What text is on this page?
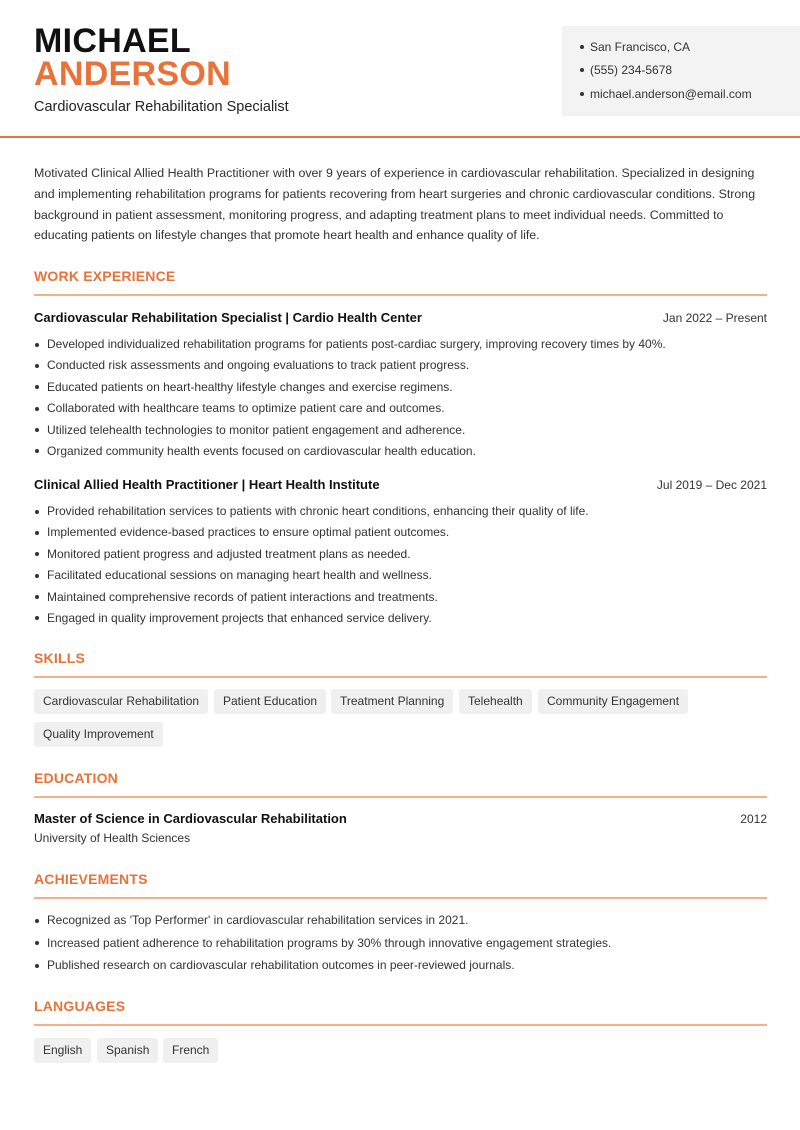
MICHAEL
ANDERSON
Cardiovascular Rehabilitation Specialist
San Francisco, CA
(555) 234-5678
michael.anderson@email.com
Motivated Clinical Allied Health Practitioner with over 9 years of experience in cardiovascular rehabilitation. Specialized in designing and implementing rehabilitation programs for patients recovering from heart surgeries and chronic cardiovascular conditions. Strong background in patient assessment, monitoring progress, and adapting treatment plans to meet individual needs. Committed to educating patients on lifestyle changes that promote heart health and enhance quality of life.
WORK EXPERIENCE
Cardiovascular Rehabilitation Specialist | Cardio Health Center	Jan 2022 – Present
Developed individualized rehabilitation programs for patients post-cardiac surgery, improving recovery times by 40%.
Conducted risk assessments and ongoing evaluations to track patient progress.
Educated patients on heart-healthy lifestyle changes and exercise regimens.
Collaborated with healthcare teams to optimize patient care and outcomes.
Utilized telehealth technologies to monitor patient engagement and adherence.
Organized community health events focused on cardiovascular health education.
Clinical Allied Health Practitioner | Heart Health Institute	Jul 2019 – Dec 2021
Provided rehabilitation services to patients with chronic heart conditions, enhancing their quality of life.
Implemented evidence-based practices to ensure optimal patient outcomes.
Monitored patient progress and adjusted treatment plans as needed.
Facilitated educational sessions on managing heart health and wellness.
Maintained comprehensive records of patient interactions and treatments.
Engaged in quality improvement projects that enhanced service delivery.
SKILLS
Cardiovascular Rehabilitation	Patient Education	Treatment Planning	Telehealth	Community Engagement
Quality Improvement
EDUCATION
Master of Science in Cardiovascular Rehabilitation	2012
University of Health Sciences
ACHIEVEMENTS
Recognized as 'Top Performer' in cardiovascular rehabilitation services in 2021.
Increased patient adherence to rehabilitation programs by 30% through innovative engagement strategies.
Published research on cardiovascular rehabilitation outcomes in peer-reviewed journals.
LANGUAGES
English	Spanish	French
